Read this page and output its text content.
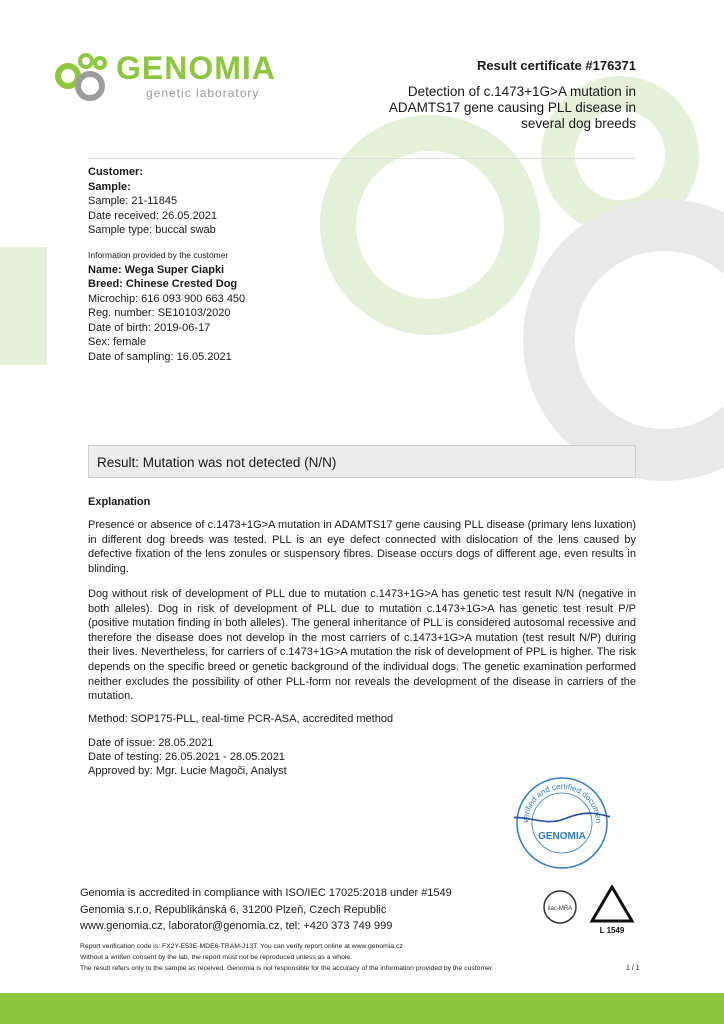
GENOMIA
genetic laboratory
Result certificate #176371
Detection of c.1473+1G>A mutation in ADAMTS17 gene causing PLL disease in several dog breeds
Customer:
Sample:
Sample: 21-11845
Date received: 26.05.2021
Sample type: buccal swab
Information provided by the customer
Name: Wega Super Ciapki
Breed: Chinese Crested Dog
Microchip: 616 093 900 663 450
Reg. number: SE10103/2020
Date of birth: 2019-06-17
Sex: female
Date of sampling: 16.05.2021
Result: Mutation was not detected (N/N)
Explanation
Presence or absence of c.1473+1G>A mutation in ADAMTS17 gene causing PLL disease (primary lens luxation) in different dog breeds was tested. PLL is an eye defect connected with dislocation of the lens caused by defective fixation of the lens zonules or suspensory fibres. Disease occurs dogs of different age, even results in blinding.
Dog without risk of development of PLL due to mutation c.1473+1G>A has genetic test result N/N (negative in both alleles). Dog in risk of development of PLL due to mutation c.1473+1G>A has genetic test result P/P (positive mutation finding in both alleles). The general inheritance of PLL is considered autosomal recessive and therefore the disease does not develop in the most carriers of c.1473+1G>A mutation (test result N/P) during their lives. Nevertheless, for carriers of c.1473+1G>A mutation the risk of development of PPL is higher. The risk depends on the specific breed or genetic background of the individual dogs. The genetic examination performed neither excludes the possibility of other PLL-form nor reveals the development of the disease in carriers of the mutation.
Method: SOP175-PLL, real-time PCR-ASA, accredited method
Date of issue: 28.05.2021
Date of testing: 26.05.2021 - 28.05.2021
Approved by: Mgr. Lucie Magoči, Analyst
verified and certified documen
GENOMIA
Genomia is accredited in compliance with ISO/IEC 17025:2018 under #1549
Genomia s.r.o, Republikánská 6, 31200 Plzeň, Czech Republic
www.genomia.cz, laborator@genomia.cz, tel: +420 373 749 999
ilac-MRA
L 1549
Report verification code is: FX2Y-E53E-MDE6-TRAM-J13T. You can verify report online at www.genomia.cz
Without a written consent by the lab, the report must not be reproduced unless as a whole.
The result refers only to the sample as received. Genomia is not responsible for the accuracy of the information provided by the customer.	1 / 1
